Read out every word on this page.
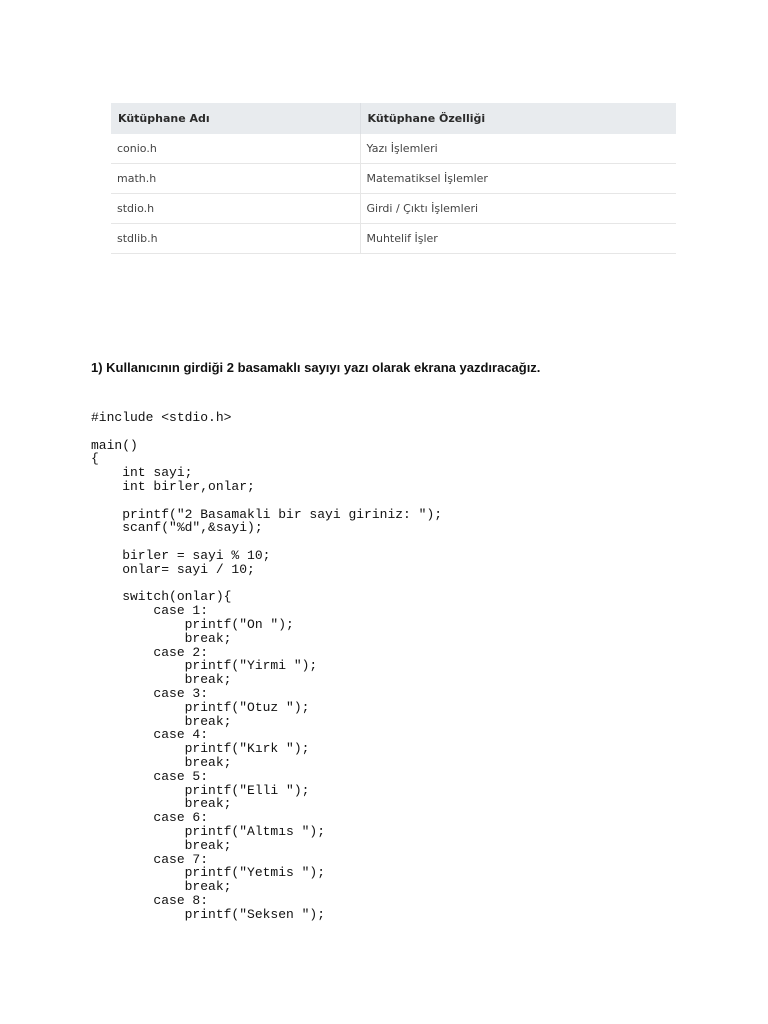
Kütüphane Adı	Kütüphane Özelliği
conio.h	Yazı İşlemleri
math.h	Matematiksel İşlemler
stdio.h	Girdi / Çıktı İşlemleri
stdlib.h	Muhtelif İşler

1) Kullanıcının girdiği 2 basamaklı sayıyı yazı olarak ekrana yazdıracağız.

#include <stdio.h>
main()
{
int sayi;
int birler,onlar;
printf("2 Basamakli bir sayi giriniz: ");
scanf("%d",&sayi);
birler = sayi % 10;
onlar= sayi / 10;
switch(onlar){
case 1:
printf("On ");
break;
case 2:
printf("Yirmi ");
break;
case 3:
printf("Otuz ");
break;
case 4:
printf("Kırk ");
break;
case 5:
printf("Elli ");
break;
case 6:
printf("Altmıs ");
break;
case 7:
printf("Yetmis ");
break;
case 8:
printf("Seksen ");
